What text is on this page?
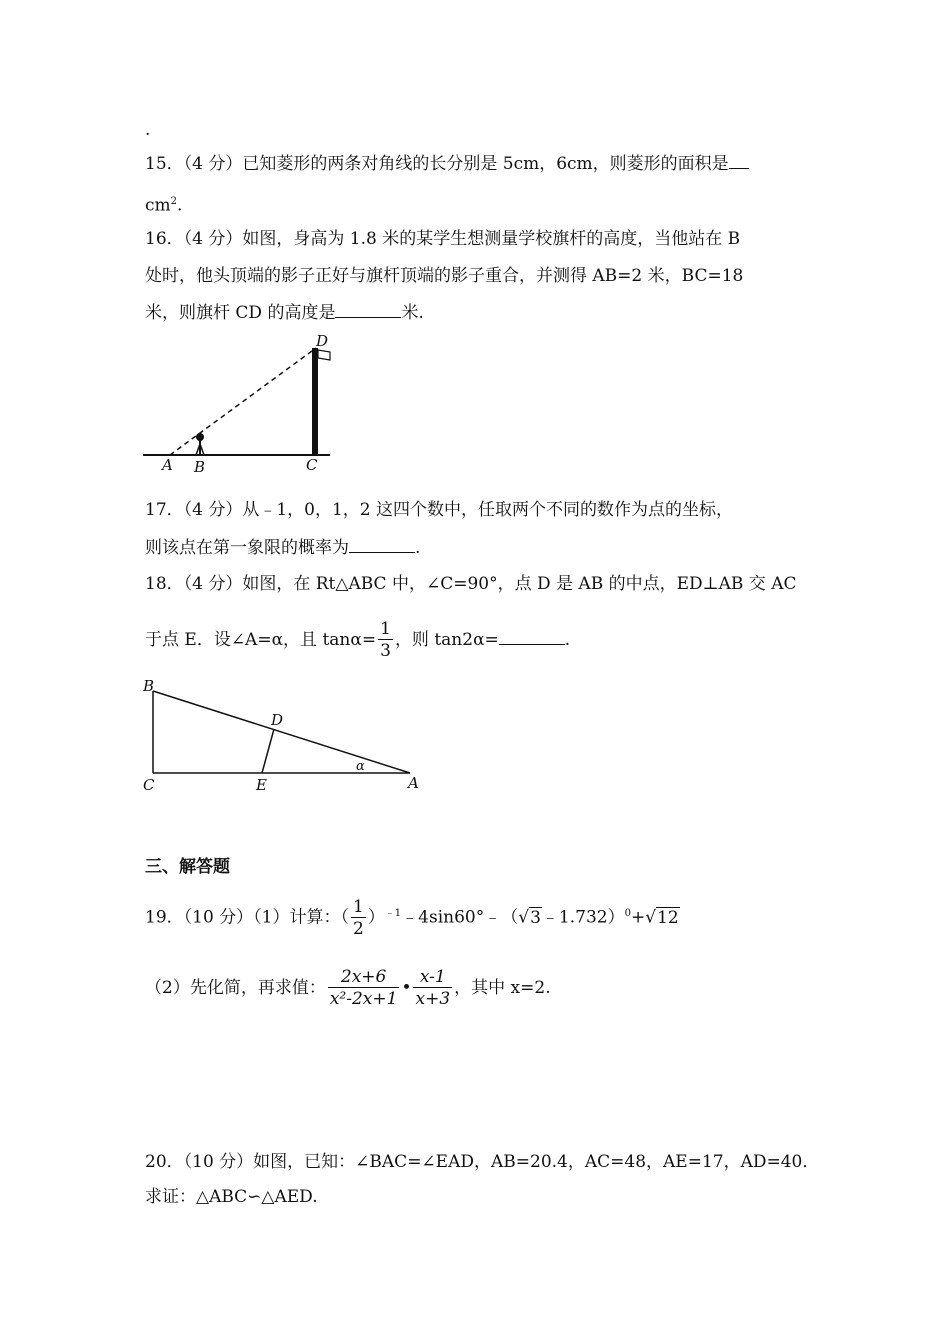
.
15．（4 分）已知菱形的两条对角线的长分别是 5cm，6cm，则菱形的面积是
$cm^2$.
16．（4 分）如图，身高为 1.8 米的某学生想测量学校旗杆的高度，当他站在 B
处时，他头顶端的影子正好与旗杆顶端的影子重合，并测得 AB=2 米，BC=18
米，则旗杆 CD 的高度是	米.
A B	C
D
17．（4 分）从﹣1，0，1，2 这四个数中，任取两个不同的数作为点的坐标，
则该点在第一象限的概率为	.
18．（4 分）如图，在 Rt△ABC 中，∠C=90°，点 D 是 AB 的中点，ED⊥AB 交 AC
于点 E．设∠A=α，且 $\tan\alpha= \frac{1}{3}$ ，则 tan2α=	.
B
C
D
E	A
α
三、解答题
19．（10 分）（1）计算：（ $\frac{1}{2}$ ）$^{﹣1}$﹣4sin60°﹣（√3﹣1.732）$^0$+√12
（2）先化简，再求值： $\frac{2x+6}{\text{x²-2x+1}}$ • $\frac{x-1}{x+3}$ ，其中 x=2.
20．（10 分）如图，已知：∠BAC=∠EAD，AB=20.4，AC=48，AE=17，AD=40．
求证：△ABC∽△AED.
